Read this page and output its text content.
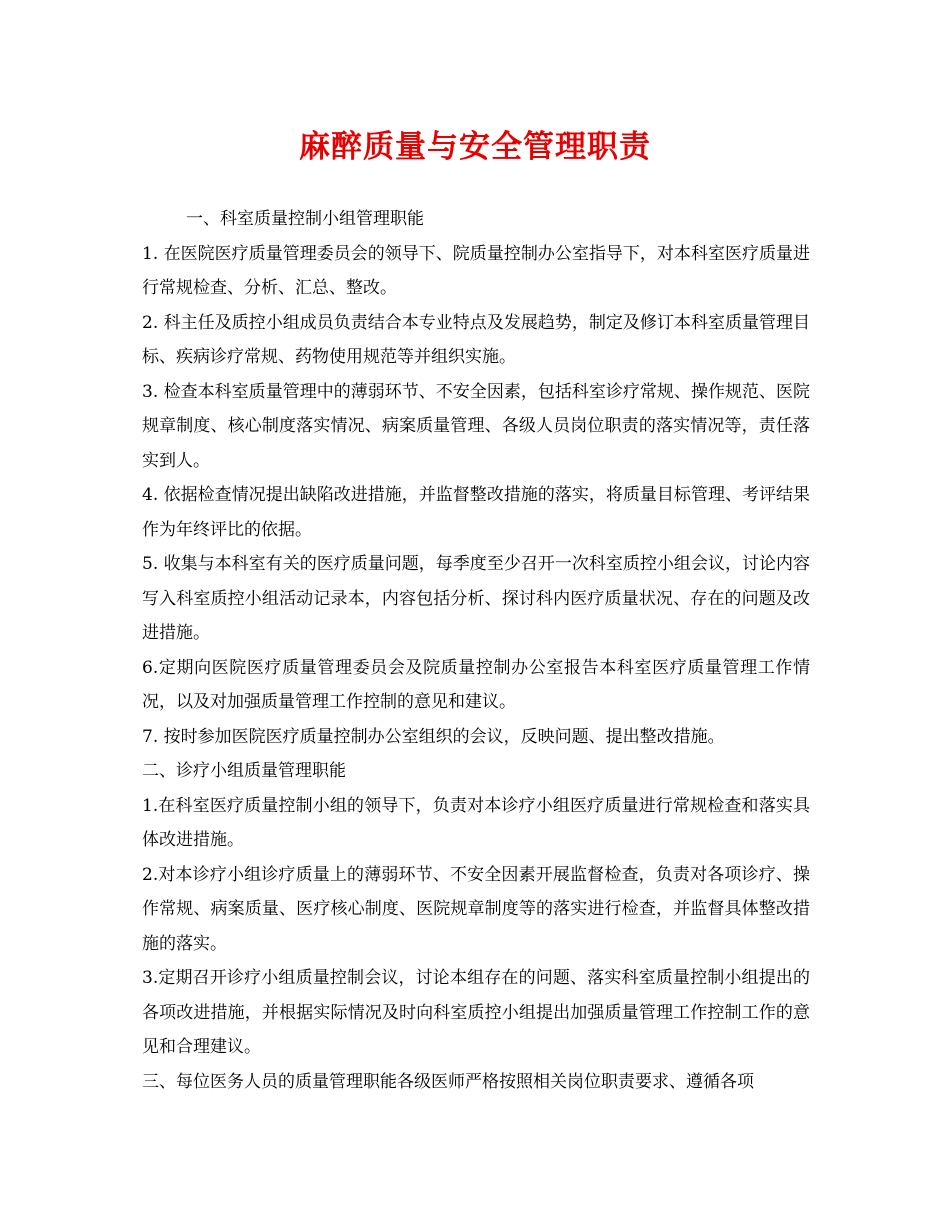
麻醉质量与安全管理职责

一、科室质量控制小组管理职能

1. 在医院医疗质量管理委员会的领导下、院质量控制办公室指导下，对本科室医疗质量进行常规检查、分析、汇总、整改。

2. 科主任及质控小组成员负责结合本专业特点及发展趋势，制定及修订本科室质量管理目标、疾病诊疗常规、药物使用规范等并组织实施。

3. 检查本科室质量管理中的薄弱环节、不安全因素，包括科室诊疗常规、操作规范、医院规章制度、核心制度落实情况、病案质量管理、各级人员岗位职责的落实情况等，责任落实到人。

4. 依据检查情况提出缺陷改进措施，并监督整改措施的落实，将质量目标管理、考评结果作为年终评比的依据。

5. 收集与本科室有关的医疗质量问题，每季度至少召开一次科室质控小组会议，讨论内容写入科室质控小组活动记录本，内容包括分析、探讨科内医疗质量状况、存在的问题及改进措施。

6.定期向医院医疗质量管理委员会及院质量控制办公室报告本科室医疗质量管理工作情况，以及对加强质量管理工作控制的意见和建议。

7. 按时参加医院医疗质量控制办公室组织的会议，反映问题、提出整改措施。

二、诊疗小组质量管理职能

1.在科室医疗质量控制小组的领导下，负责对本诊疗小组医疗质量进行常规检查和落实具体改进措施。

2.对本诊疗小组诊疗质量上的薄弱环节、不安全因素开展监督检查，负责对各项诊疗、操作常规、病案质量、医疗核心制度、医院规章制度等的落实进行检查，并监督具体整改措施的落实。

3.定期召开诊疗小组质量控制会议，讨论本组存在的问题、落实科室质量控制小组提出的各项改进措施，并根据实际情况及时向科室质控小组提出加强质量管理工作控制工作的意见和合理建议。

三、每位医务人员的质量管理职能各级医师严格按照相关岗位职责要求、遵循各项
